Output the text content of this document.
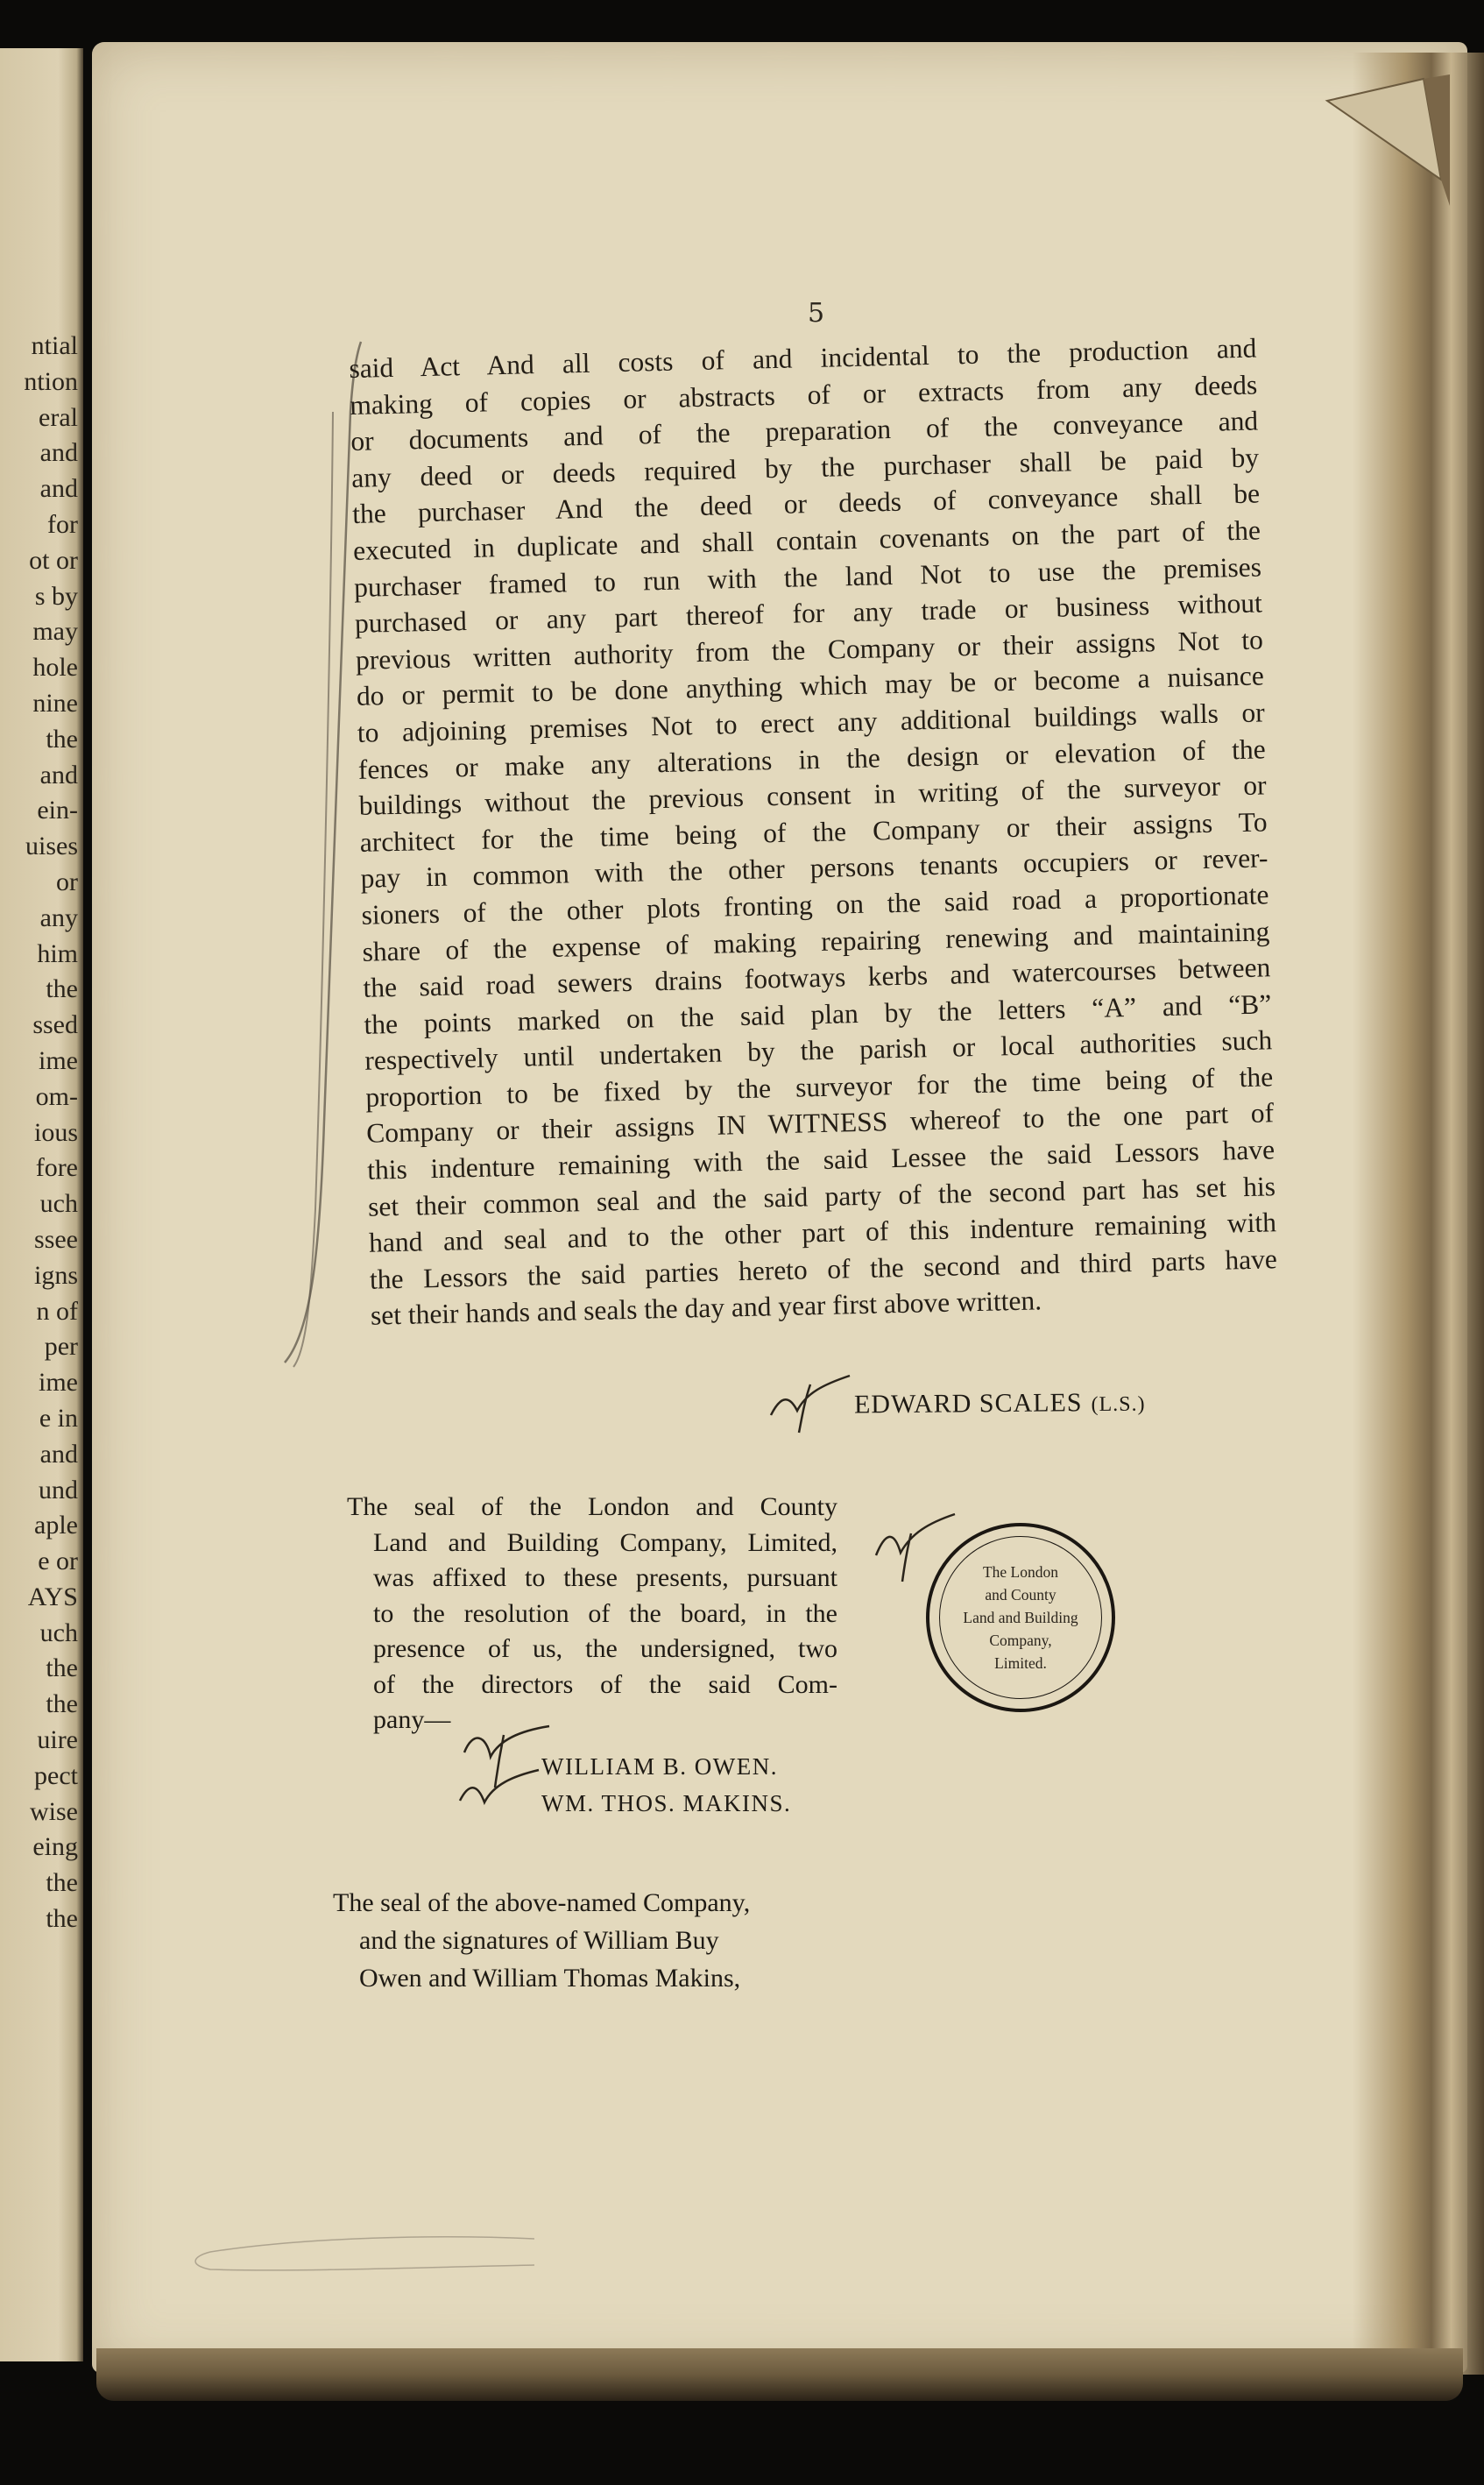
ntial
ntion
eral
and
and
for
ot or
s by
may
hole
nine
the
and
ein-
uises
or
any
him
the
ssed
ime
om-
ious
fore
uch
ssee
igns
n of
per
ime
e in
and
und
aple
e or
AYS
uch
the
the
uire
pect
wise
eing
the
the
5
said Act And all costs of and incidental to the production and
making of copies or abstracts of or extracts from any deeds
or documents and of the preparation of the conveyance and
any deed or deeds required by the purchaser shall be paid by
the purchaser And the deed or deeds of conveyance shall be
executed in duplicate and shall contain covenants on the part of the
purchaser framed to run with the land Not to use the premises
purchased or any part thereof for any trade or business without
previous written authority from the Company or their assigns Not to
do or permit to be done anything which may be or become a nuisance
to adjoining premises Not to erect any additional buildings walls or
fences or make any alterations in the design or elevation of the
buildings without the previous consent in writing of the surveyor or
architect for the time being of the Company or their assigns To
pay in common with the other persons tenants occupiers or rever-
sioners of the other plots fronting on the said road a proportionate
share of the expense of making repairing renewing and maintaining
the said road sewers drains footways kerbs and watercourses between
the points marked on the said plan by the letters “A” and “B”
respectively until undertaken by the parish or local authorities such
proportion to be fixed by the surveyor for the time being of the
Company or their assigns IN WITNESS whereof to the one part of
this indenture remaining with the said Lessee the said Lessors have
set their common seal and the said party of the second part has set his
hand and seal and to the other part of this indenture remaining with
the Lessors the said parties hereto of the second and third parts have
set their hands and seals the day and year first above written.
EDWARD SCALES (L.S.)
The seal of the London and County
Land and Building Company, Limited,
was affixed to these presents, pursuant
to the resolution of the board, in the
presence of us, the undersigned, two
of the directors of the said Com-
pany—
WILLIAM B. OWEN.
WM. THOS. MAKINS.
The London
and County
Land and Building
Company,
Limited.
The seal of the above-named Company,
and the signatures of William Buy
Owen and William Thomas Makins,
